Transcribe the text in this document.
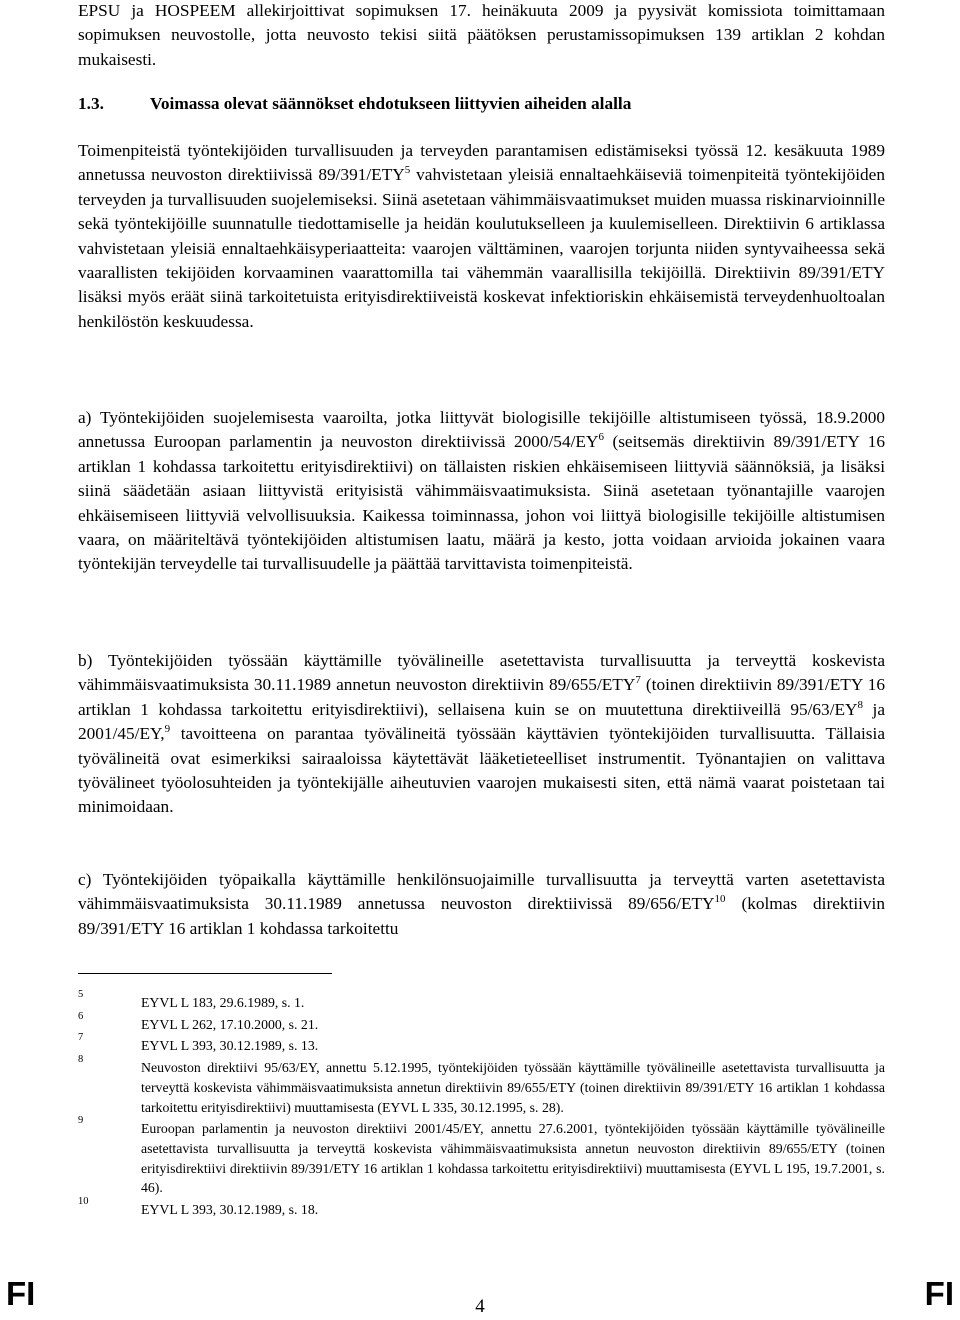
EPSU ja HOSPEEM allekirjoittivat sopimuksen 17. heinäkuuta 2009 ja pyysivät komissiota toimittamaan sopimuksen neuvostolle, jotta neuvosto tekisi siitä päätöksen perustamissopimuksen 139 artiklan 2 kohdan mukaisesti.

1.3.	Voimassa olevat säännökset ehdotukseen liittyvien aiheiden alalla

Toimenpiteistä työntekijöiden turvallisuuden ja terveyden parantamisen edistämiseksi työssä 12. kesäkuuta 1989 annetussa neuvoston direktiivissä 89/391/ETY$^5$ vahvistetaan yleisiä ennaltaehkäiseviä toimenpiteitä työntekijöiden terveyden ja turvallisuuden suojelemiseksi. Siinä asetetaan vähimmäisvaatimukset muiden muassa riskinarvioinnille sekä työntekijöille suunnatulle tiedottamiselle ja heidän koulutukselleen ja kuulemiselleen. Direktiivin 6 artiklassa vahvistetaan yleisiä ennaltaehkäisyperiaatteita: vaarojen välttäminen, vaarojen torjunta niiden syntyvaiheessa sekä vaarallisten tekijöiden korvaaminen vaarattomilla tai vähemmän vaarallisilla tekijöillä. Direktiivin 89/391/ETY lisäksi myös eräät siinä tarkoitetuista erityisdirektiiveistä koskevat infektioriskin ehkäisemistä terveydenhuoltoalan henkilöstön keskuudessa.

a) Työntekijöiden suojelemisesta vaaroilta, jotka liittyvät biologisille tekijöille altistumiseen työssä, 18.9.2000 annetussa Euroopan parlamentin ja neuvoston direktiivissä $2000/54/EY^6$ (seitsemäs direktiivin 89/391/ETY 16 artiklan 1 kohdassa tarkoitettu erityisdirektiivi) on tällaisten riskien ehkäisemiseen liittyviä säännöksiä, ja lisäksi siinä säädetään asiaan liittyvistä erityisistä vähimmäisvaatimuksista. Siinä asetetaan työnantajille vaarojen ehkäisemiseen liittyviä velvollisuuksia. Kaikessa toiminnassa, johon voi liittyä biologisille tekijöille altistumisen vaara, on määriteltävä työntekijöiden altistumisen laatu, määrä ja kesto, jotta voidaan arvioida jokainen vaara työntekijän terveydelle tai turvallisuudelle ja päättää tarvittavista toimenpiteistä.

b) Työntekijöiden työssään käyttämille työvälineille asetettavista turvallisuutta ja terveyttä koskevista vähimmäisvaatimuksista 30.11.1989 annetun neuvoston direktiivin 89/655/ETY$^7$ (toinen direktiivin 89/391/ETY 16 artiklan 1 kohdassa tarkoitettu erityisdirektiivi), sellaisena kuin se on muutettuna direktiiveillä $95/63/EY^8$ ja 2001/45/EY,$^9$ tavoitteena on parantaa työvälineitä työssään käyttävien työntekijöiden turvallisuutta. Tällaisia työvälineitä ovat esimerkiksi sairaaloissa käytettävät lääketieteelliset instrumentit. Työnantajien on valittava työvälineet työolosuhteiden ja työntekijälle aiheutuvien vaarojen mukaisesti siten, että nämä vaarat poistetaan tai minimoidaan.

c) Työntekijöiden työpaikalla käyttämille henkilönsuojaimille turvallisuutta ja terveyttä varten asetettavista vähimmäisvaatimuksista 30.11.1989 annetussa neuvoston direktiivissä 89/656/ETY$^{10}$ (kolmas direktiivin 89/391/ETY 16 artiklan 1 kohdassa tarkoitettu

5
EYVL L 183, 29.6.1989, s. 1.
6
EYVL L 262, 17.10.2000, s. 21.
7
EYVL L 393, 30.12.1989, s. 13.
8
Neuvoston direktiivi 95/63/EY, annettu 5.12.1995, työntekijöiden työssään käyttämille työvälineille asetettavista turvallisuutta ja terveyttä koskevista vähimmäisvaatimuksista annetun direktiivin 89/655/ETY (toinen direktiivin 89/391/ETY 16 artiklan 1 kohdassa tarkoitettu erityisdirektiivi) muuttamisesta (EYVL L 335, 30.12.1995, s. 28).
9
Euroopan parlamentin ja neuvoston direktiivi 2001/45/EY, annettu 27.6.2001, työntekijöiden työssään käyttämille työvälineille asetettavista turvallisuutta ja terveyttä koskevista vähimmäisvaatimuksista annetun neuvoston direktiivin 89/655/ETY (toinen erityisdirektiivi direktiivin 89/391/ETY 16 artiklan 1 kohdassa tarkoitettu erityisdirektiivi) muuttamisesta (EYVL L 195, 19.7.2001, s. 46).
10
EYVL L 393, 30.12.1989, s. 18.
4
FI	FI
